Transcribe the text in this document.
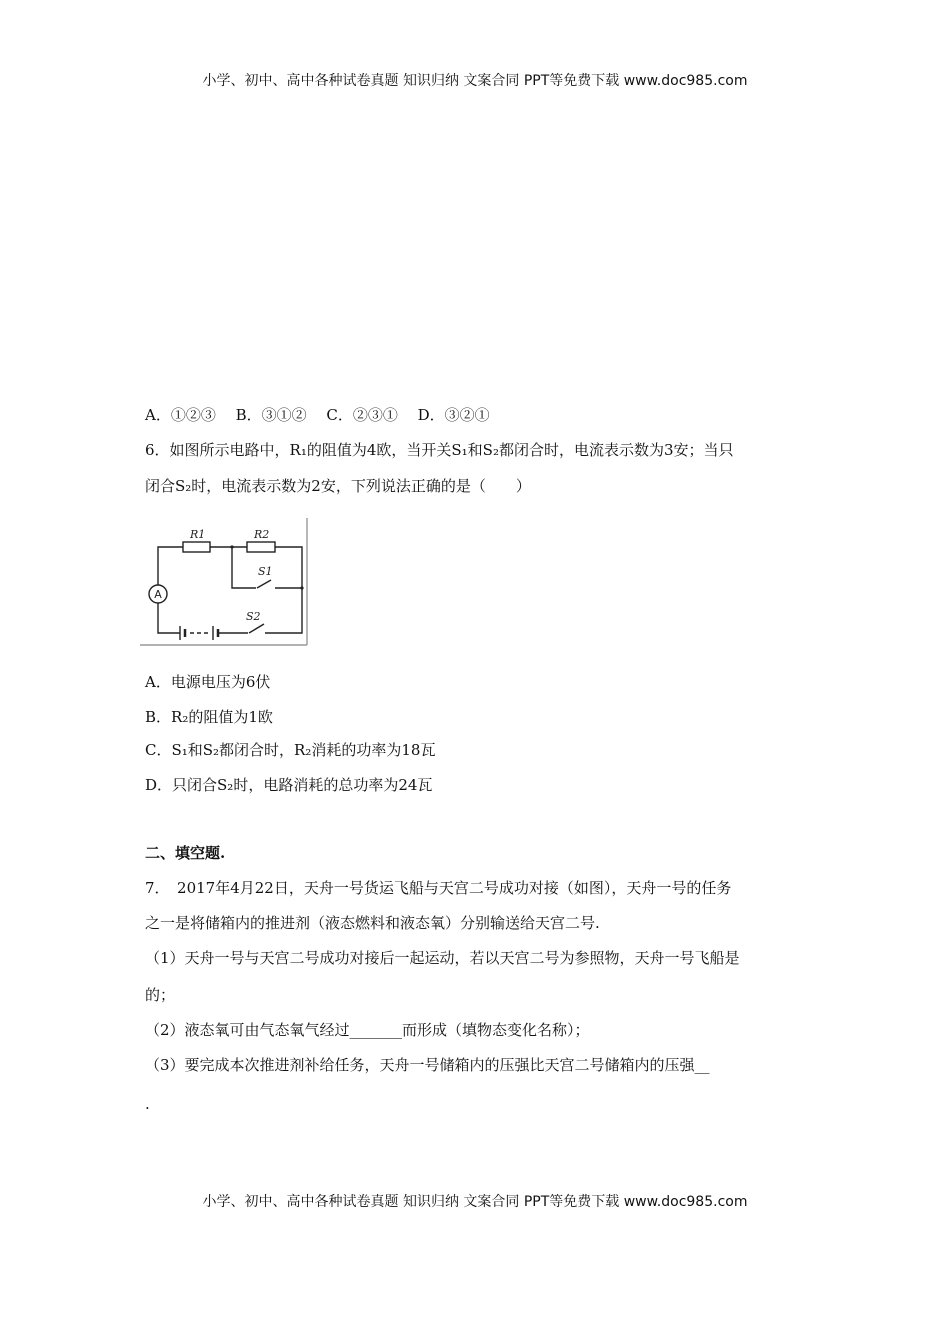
小学、初中、高中各种试卷真题 知识归纳 文案合同 PPT等免费下载 www.doc985.com
A．①②③　 B．③①②　 C．②③①　 D．③②①
6．如图所示电路中，R₁的阻值为4欧，当开关S₁和S₂都闭合时，电流表示数为3安；当只
闭合S₂时，电流表示数为2安，下列说法正确的是（　　）
R1	R2
S1
S2
A
A．电源电压为6伏
B．R₂的阻值为1欧
C．S₁和S₂都闭合时，R₂消耗的功率为18瓦
D．只闭合S₂时，电路消耗的总功率为24瓦
二、填空题.
7．　2017年4月22日，天舟一号货运飞船与天宫二号成功对接（如图），天舟一号的任务
之一是将储箱内的推进剂（液态燃料和液态氧）分别输送给天宫二号.
（1）天舟一号与天宫二号成功对接后一起运动，若以天宫二号为参照物，天舟一号飞船是
的；
（2）液态氧可由气态氧气经过_______而形成（填物态变化名称）；
（3）要完成本次推进剂补给任务，天舟一号储箱内的压强比天宫二号储箱内的压强__
.
小学、初中、高中各种试卷真题 知识归纳 文案合同 PPT等免费下载 www.doc985.com
